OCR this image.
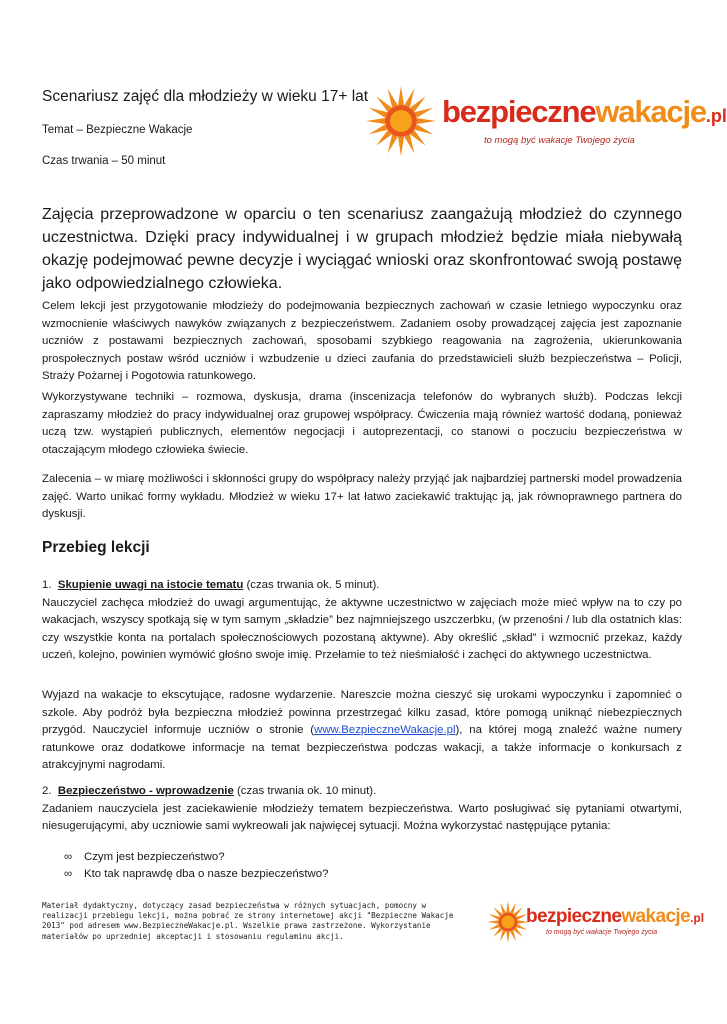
Scenariusz zajęć dla młodzieży w wieku 17+ lat
Temat – Bezpieczne Wakacje
Czas trwania – 50 minut
bezpiecznewakacje.pl
to mogą być wakacje Twojego życia
Zajęcia przeprowadzone w oparciu o ten scenariusz zaangażują młodzież do czynnego uczestnictwa. Dzięki pracy indywidualnej i w grupach młodzież będzie miała niebywałą okazję podejmować pewne decyzje i wyciągać wnioski oraz skonfrontować swoją postawę jako odpowiedzialnego człowieka.
Celem lekcji jest przygotowanie młodzieży do podejmowania bezpiecznych zachowań w czasie letniego wypoczynku oraz wzmocnienie właściwych nawyków związanych z bezpieczeństwem. Zadaniem osoby prowadzącej zajęcia jest zapoznanie uczniów z postawami bezpiecznych zachowań, sposobami szybkiego reagowania na zagrożenia, ukierunkowania prospołecznych postaw wśród uczniów i wzbudzenie u dzieci zaufania do przedstawicieli służb bezpieczeństwa – Policji, Straży Pożarnej i Pogotowia ratunkowego.
Wykorzystywane techniki – rozmowa, dyskusja, drama (inscenizacja telefonów do wybranych służb). Podczas lekcji zapraszamy młodzież do pracy indywidualnej oraz grupowej współpracy. Ćwiczenia mają również wartość dodaną, ponieważ uczą tzw. wystąpień publicznych, elementów negocjacji i autoprezentacji, co stanowi o poczuciu bezpieczeństwa w otaczającym młodego człowieka świecie.
Zalecenia – w miarę możliwości i skłonności grupy do współpracy należy przyjąć jak najbardziej partnerski model prowadzenia zajęć. Warto unikać formy wykładu. Młodzież w wieku 17+ lat łatwo zaciekawić traktując ją, jak równoprawnego partnera do dyskusji.
Przebieg lekcji
1. Skupienie uwagi na istocie tematu (czas trwania ok. 5 minut).
Nauczyciel zachęca młodzież do uwagi argumentując, że aktywne uczestnictwo w zajęciach może mieć wpływ na to czy po wakacjach, wszyscy spotkają się w tym samym „składzie” bez najmniejszego uszczerbku, (w przenośni / lub dla ostatnich klas: czy wszystkie konta na portalach społecznościowych pozostaną aktywne). Aby określić „skład” i wzmocnić przekaz, każdy uczeń, kolejno, powinien wymówić głośno swoje imię. Przełamie to też nieśmiałość i zachęci do aktywnego uczestnictwa.
Wyjazd na wakacje to ekscytujące, radosne wydarzenie. Nareszcie można cieszyć się urokami wypoczynku i zapomnieć o szkole. Aby podróż była bezpieczna młodzież powinna przestrzegać kilku zasad, które pomogą uniknąć niebezpiecznych przygód. Nauczyciel informuje uczniów o stronie (www.BezpieczneWakacje.pl), na której mogą znaleźć ważne numery ratunkowe oraz dodatkowe informacje na temat bezpieczeństwa podczas wakacji, a także informacje o konkursach z atrakcyjnymi nagrodami.
2. Bezpieczeństwo - wprowadzenie (czas trwania ok. 10 minut).
Zadaniem nauczyciela jest zaciekawienie młodzieży tematem bezpieczeństwa. Warto posługiwać się pytaniami otwartymi, niesugerującymi, aby uczniowie sami wykreowali jak najwięcej sytuacji. Można wykorzystać następujące pytania:
∞ Czym jest bezpieczeństwo?
∞ Kto tak naprawdę dba o nasze bezpieczeństwo?
Materiał dydaktyczny, dotyczący zasad bezpieczeństwa w różnych sytuacjach, pomocny w realizacji przebiegu lekcji, można pobrać ze strony internetowej akcji "Bezpieczne Wakacje 2013" pod adresem www.BezpieczneWakacje.pl. Wszelkie prawa zastrzeżone. Wykorzystanie materiałów po uprzedniej akceptacji i stosowaniu regulaminu akcji.
bezpiecznewakacje.pl
to mogą być wakacje Twojego życia
